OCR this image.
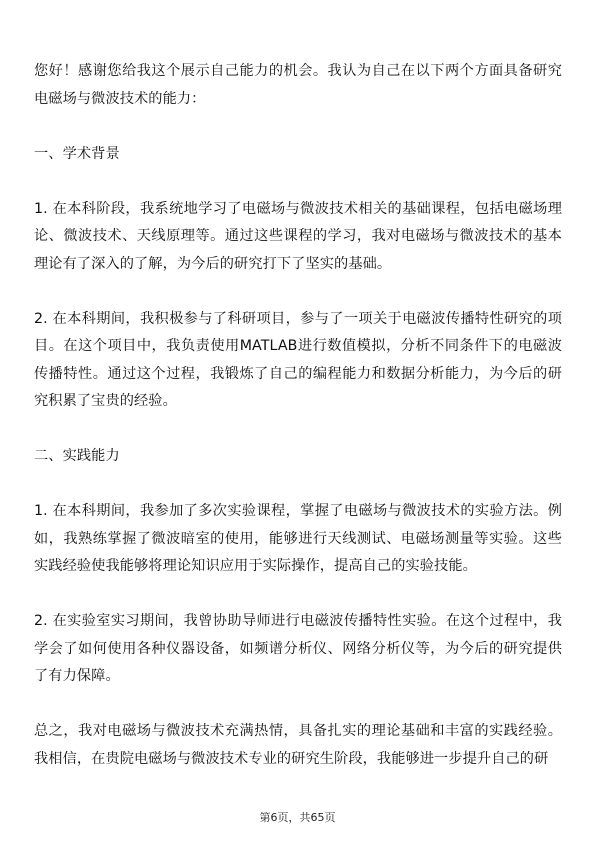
您好！感谢您给我这个展示自己能力的机会。我认为自己在以下两个方面具备研究电磁场与微波技术的能力：

一、学术背景

1. 在本科阶段，我系统地学习了电磁场与微波技术相关的基础课程，包括电磁场理论、微波技术、天线原理等。通过这些课程的学习，我对电磁场与微波技术的基本理论有了深入的了解，为今后的研究打下了坚实的基础。

2. 在本科期间，我积极参与了科研项目，参与了一项关于电磁波传播特性研究的项目。在这个项目中，我负责使用MATLAB进行数值模拟，分析不同条件下的电磁波传播特性。通过这个过程，我锻炼了自己的编程能力和数据分析能力，为今后的研究积累了宝贵的经验。

二、实践能力

1. 在本科期间，我参加了多次实验课程，掌握了电磁场与微波技术的实验方法。例如，我熟练掌握了微波暗室的使用，能够进行天线测试、电磁场测量等实验。这些实践经验使我能够将理论知识应用于实际操作，提高自己的实验技能。

2. 在实验室实习期间，我曾协助导师进行电磁波传播特性实验。在这个过程中，我学会了如何使用各种仪器设备，如频谱分析仪、网络分析仪等，为今后的研究提供了有力保障。

总之，我对电磁场与微波技术充满热情，具备扎实的理论基础和丰富的实践经验。我相信，在贵院电磁场与微波技术专业的研究生阶段，我能够进一步提升自己的研

第6页，共65页
